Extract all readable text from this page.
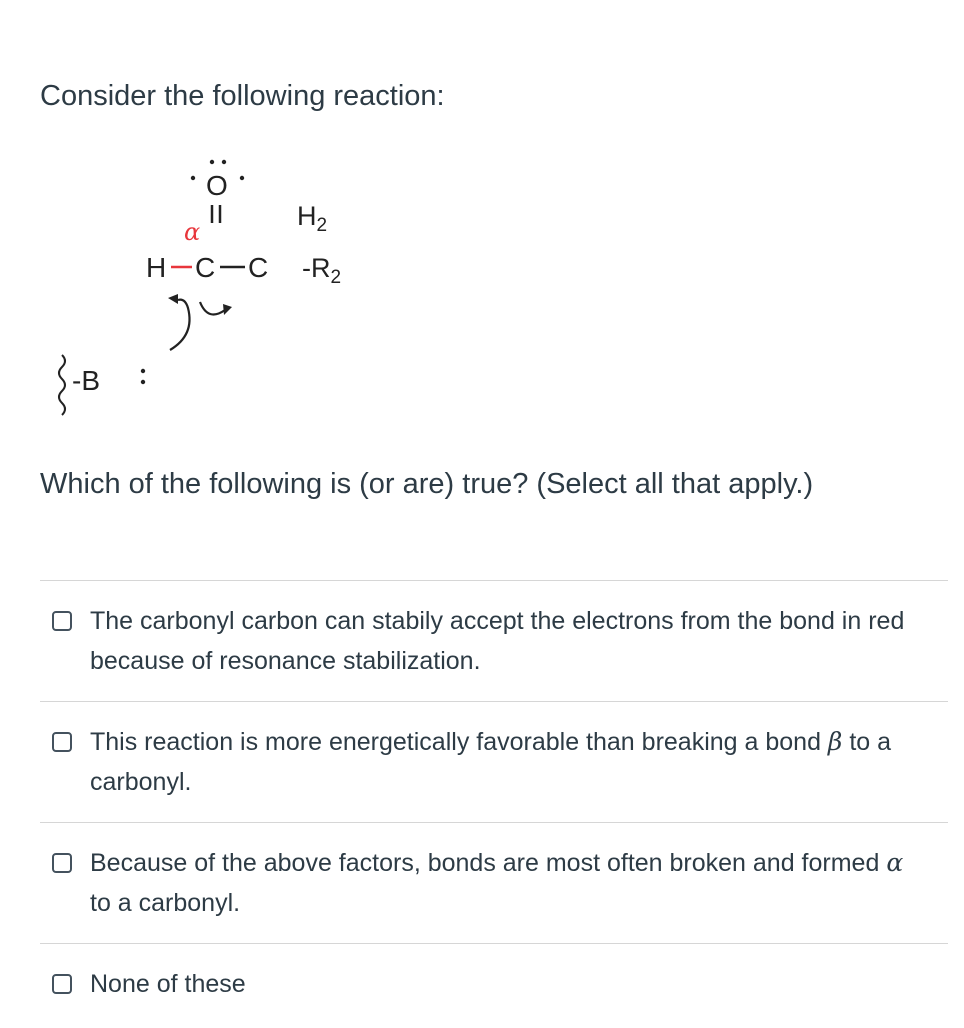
Consider the following reaction:
O
$H_2$
α
H C C $-R_2$
-B
Which of the following is (or are) true? (Select all that apply.)
The carbonyl carbon can stabily accept the electrons from the bond in red because of resonance stabilization.
This reaction is more energetically favorable than breaking a bond β to a carbonyl.
Because of the above factors, bonds are most often broken and formed α to a carbonyl.
None of these
